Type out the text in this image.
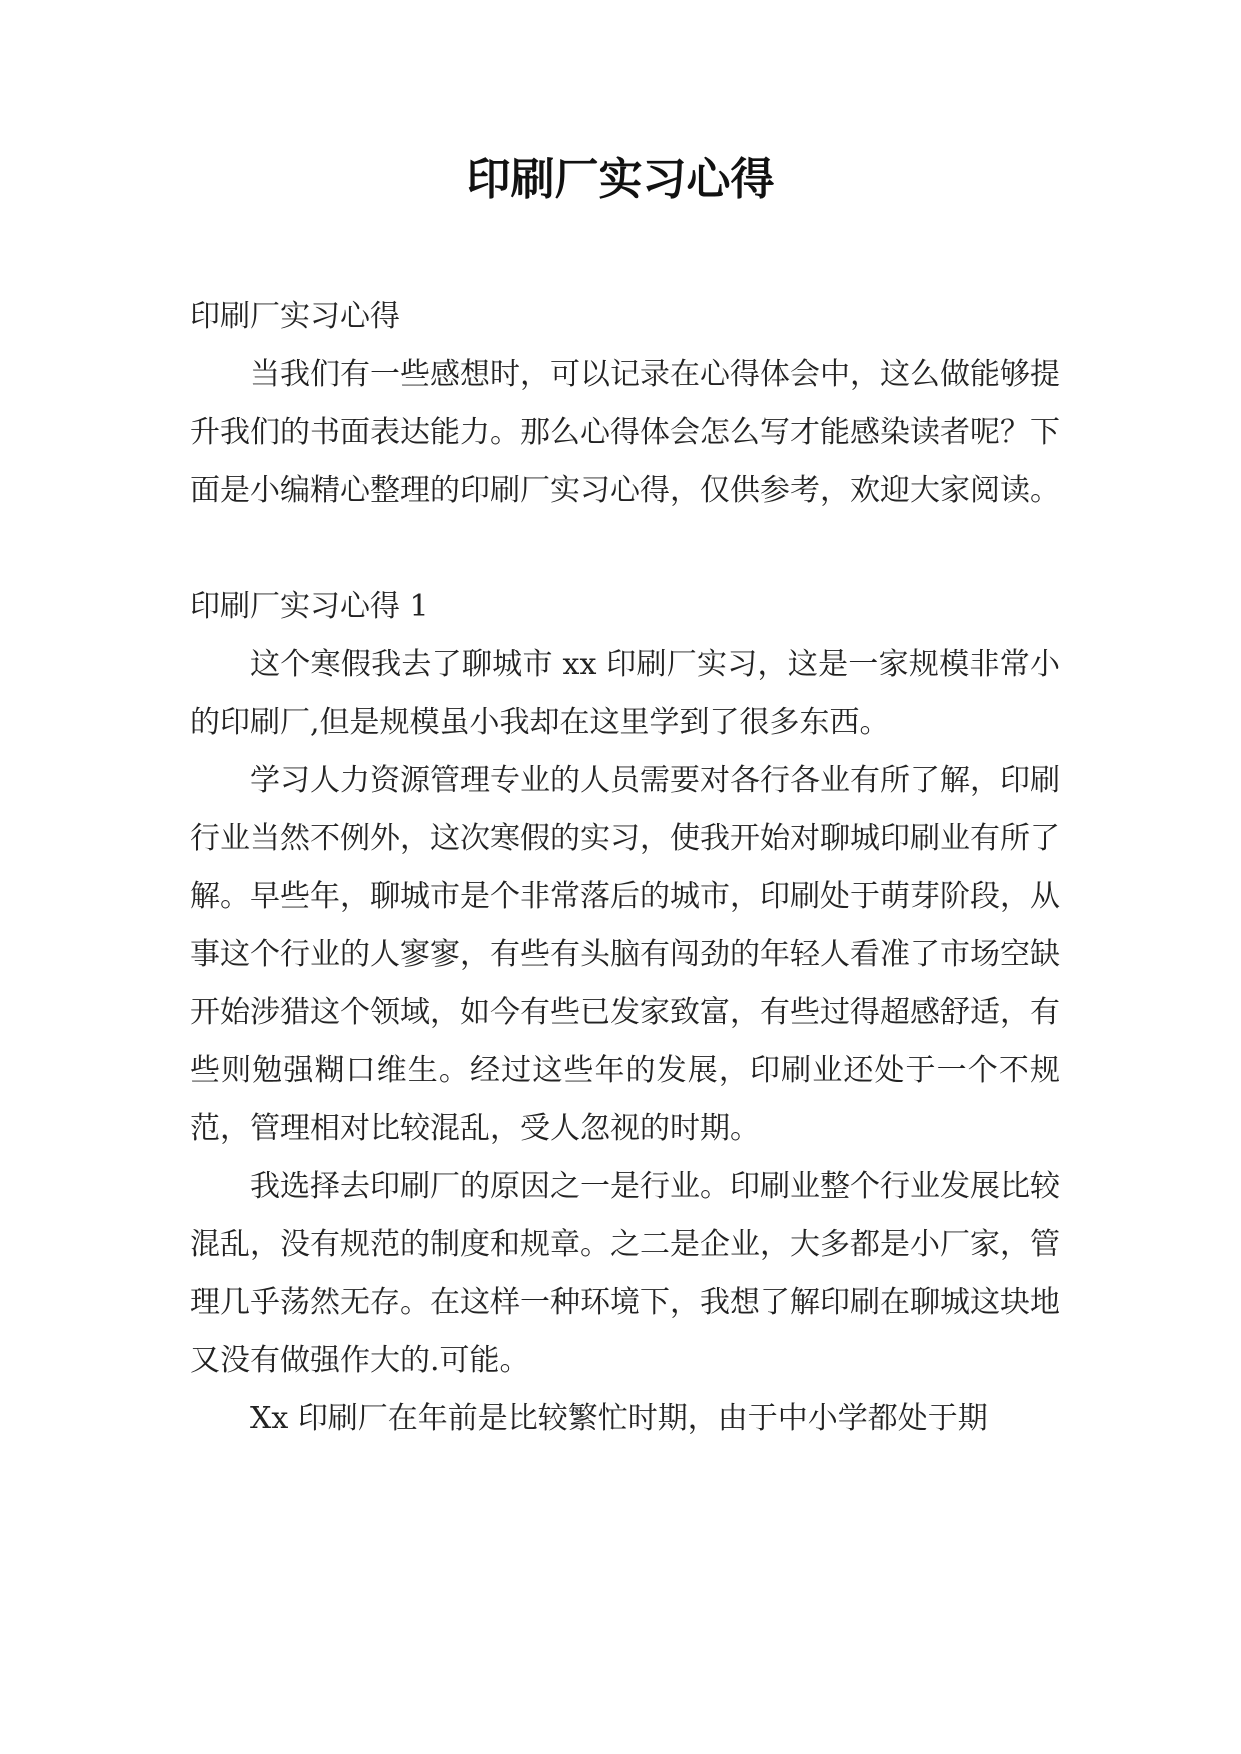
印刷厂实习心得

印刷厂实习心得

当我们有一些感想时，可以记录在心得体会中，这么做能够提升我们的书面表达能力。那么心得体会怎么写才能感染读者呢？下面是小编精心整理的印刷厂实习心得，仅供参考，欢迎大家阅读。

印刷厂实习心得 1

这个寒假我去了聊城市 xx 印刷厂实习，这是一家规模非常小的印刷厂,但是规模虽小我却在这里学到了很多东西。

学习人力资源管理专业的人员需要对各行各业有所了解，印刷行业当然不例外，这次寒假的实习，使我开始对聊城印刷业有所了解。早些年，聊城市是个非常落后的城市，印刷处于萌芽阶段，从事这个行业的人寥寥，有些有头脑有闯劲的年轻人看准了市场空缺开始涉猎这个领域，如今有些已发家致富，有些过得超感舒适，有些则勉强糊口维生。经过这些年的发展，印刷业还处于一个不规范，管理相对比较混乱，受人忽视的时期。

我选择去印刷厂的原因之一是行业。印刷业整个行业发展比较混乱，没有规范的制度和规章。之二是企业，大多都是小厂家，管理几乎荡然无存。在这样一种环境下，我想了解印刷在聊城这块地又没有做强作大的.可能。

Xx 印刷厂在年前是比较繁忙时期，由于中小学都处于期
